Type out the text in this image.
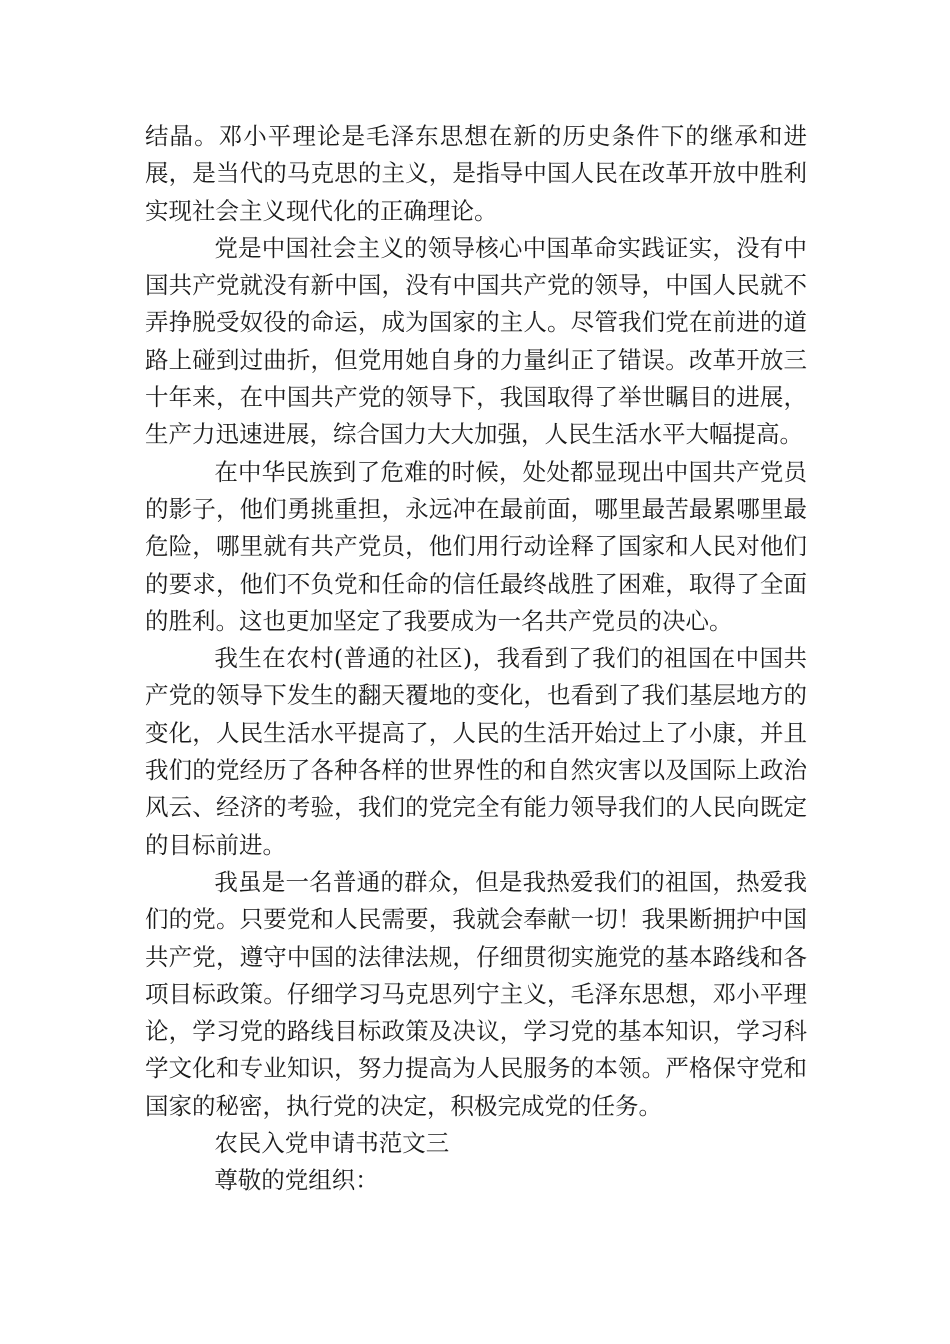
结晶。邓小平理论是毛泽东思想在新的历史条件下的继承和进展，是当代的马克思的主义，是指导中国人民在改革开放中胜利实现社会主义现代化的正确理论。

党是中国社会主义的领导核心中国革命实践证实，没有中国共产党就没有新中国，没有中国共产党的领导，中国人民就不弄挣脱受奴役的命运，成为国家的主人。尽管我们党在前进的道路上碰到过曲折，但党用她自身的力量纠正了错误。改革开放三十年来，在中国共产党的领导下，我国取得了举世瞩目的进展，生产力迅速进展，综合国力大大加强，人民生活水平大幅提高。

在中华民族到了危难的时候，处处都显现出中国共产党员的影子，他们勇挑重担，永远冲在最前面，哪里最苦最累哪里最危险，哪里就有共产党员，他们用行动诠释了国家和人民对他们的要求，他们不负党和任命的信任最终战胜了困难，取得了全面的胜利。这也更加坚定了我要成为一名共产党员的决心。

我生在农村(普通的社区)，我看到了我们的祖国在中国共产党的领导下发生的翻天覆地的变化，也看到了我们基层地方的变化，人民生活水平提高了，人民的生活开始过上了小康，并且我们的党经历了各种各样的世界性的和自然灾害以及国际上政治风云、经济的考验，我们的党完全有能力领导我们的人民向既定的目标前进。

我虽是一名普通的群众，但是我热爱我们的祖国，热爱我们的党。只要党和人民需要，我就会奉献一切！我果断拥护中国共产党，遵守中国的法律法规，仔细贯彻实施党的基本路线和各项目标政策。仔细学习马克思列宁主义，毛泽东思想，邓小平理论，学习党的路线目标政策及决议，学习党的基本知识，学习科学文化和专业知识，努力提高为人民服务的本领。严格保守党和国家的秘密，执行党的决定，积极完成党的任务。

农民入党申请书范文三

尊敬的党组织：
